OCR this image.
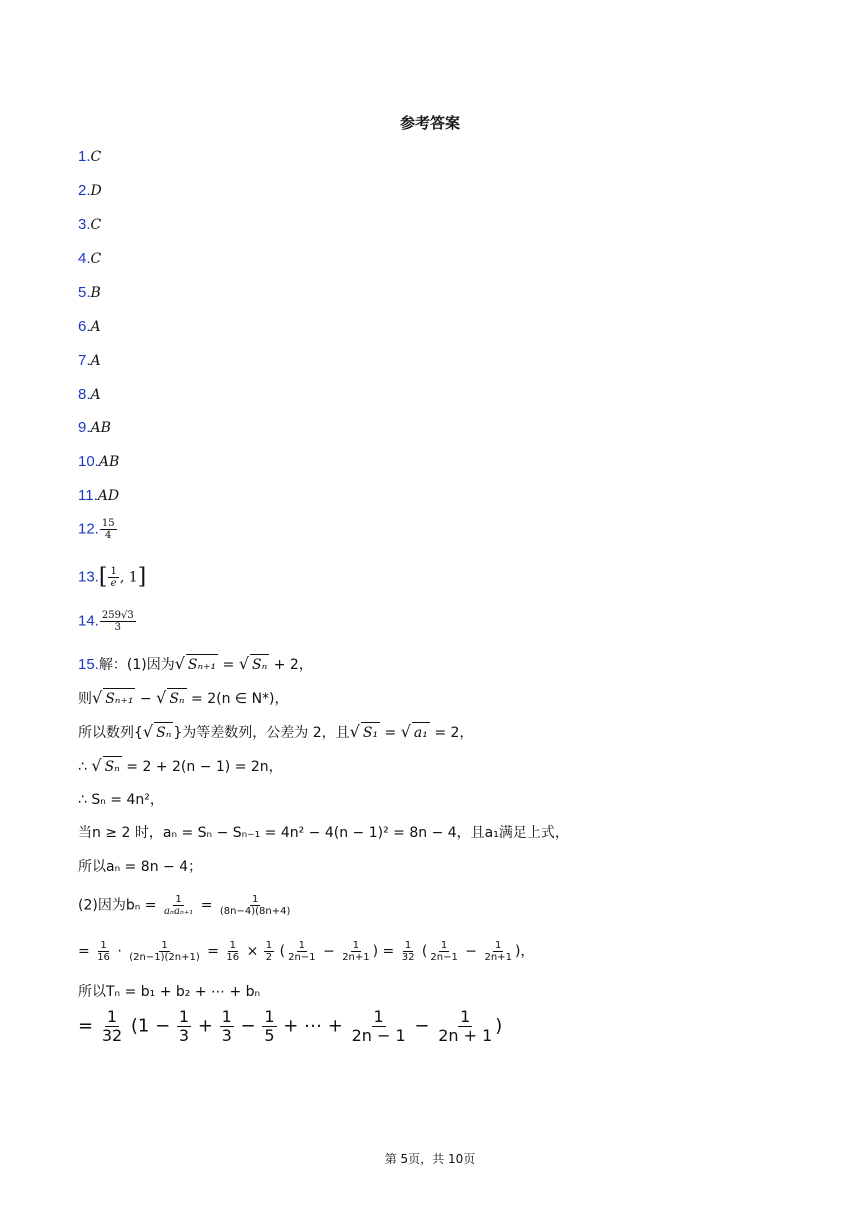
参考答案
1.C
2.D
3.C
4.C
5.B
6.A
7.A
8.A
9.AB
10.AB
11.AD
12. $\frac{15}{4}$
$13.[ \frac{1}{e}$ , 1]
14. $\frac{259√3}{3}$
15.解：(1)因为√ Sₙ₊₁ = √ Sₙ + 2，
则√ Sₙ₊₁ − √ Sₙ = 2(n ∈ N*)，
所以数列{√ Sₙ }为等差数列，公差为 2，且√ S₁ = √ a₁ = 2，
∴ √ Sₙ = 2 + 2(n − 1) = 2n，
∴ Sₙ = 4n²，
当n ≥ 2 时，aₙ = Sₙ − Sₙ₋₁ = 4n² − 4(n − 1)² = 8n − 4，且a₁满足上式，
所以aₙ = 8n − 4；
(2)因为$b_n = \frac{1}{\text{aₙaₙ₊₁}} = \frac{1}{(8n-4)(8n+4)}$
= $\frac{1}{16} \cdot \frac{1}{(2n-1)(2n+1)} = \frac{1}{16} \times \frac{1}{2}$ ( $\frac{1}{2n-1} - \frac{1}{2n+1}$ ) = $\frac{1}{32}$ ( $\frac{1}{2n-1} - \frac{1}{2n+1}$ )，
所以Tₙ = b₁ + b₂ + ⋯ + bₙ
= $\frac{1}{32} (1 - \frac{1}{3} + \frac{1}{3} - \frac{1}{5}$ + ⋯ + $\frac{1}{2n - 1} - \frac{1}{2n + 1}$ )
第 5页，共 10页
